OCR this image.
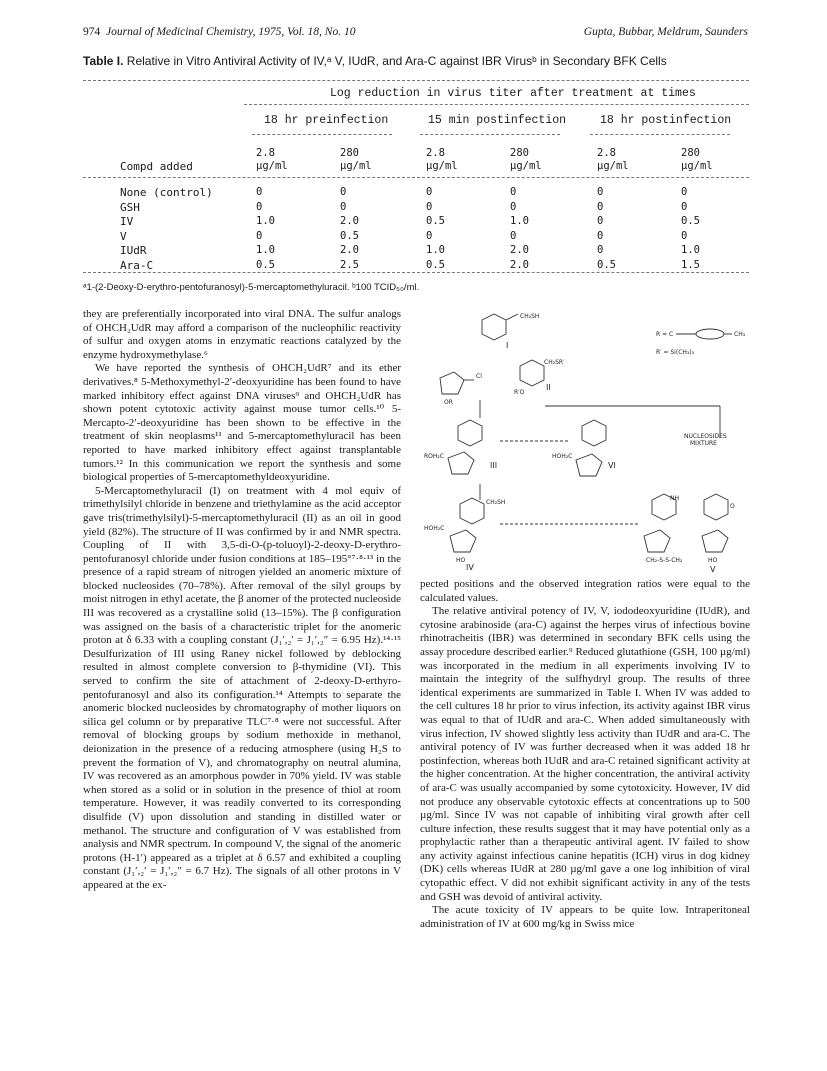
974 Journal of Medicinal Chemistry, 1975, Vol. 18, No. 10	Gupta, Bubbar, Meldrum, Saunders
Table I. Relative in Vitro Antiviral Activity of IV,ᵃ V, IUdR, and Ara-C against IBR Virusᵇ in Secondary BFK Cells
Log reduction in virus titer after treatment at times
18 hr preinfection	15 min postinfection	18 hr postinfection
2.8	280	2.8	280	2.8	280
Compd added	µg/ml	µg/ml	µg/ml	µg/ml	µg/ml	µg/ml
None (control)	0	0	0	0	0	0
GSH	0	0	0	0	0	0
IV	1.0	2.0	0.5	1.0	0	0.5
V	0	0.5	0	0	0	0
IUdR	1.0	2.0	1.0	2.0	0	1.0
Ara-C	0.5	2.5	0.5	2.0	0.5	1.5
ᵃ1-(2-Deoxy-D-erythro-pentofuranosyl)-5-mercaptomethyluracil. ᵇ100 TCID₅₀/ml.

they are preferentially incorporated into viral DNA. The sulfur analogs of OHCH₂UdR may afford a comparison of the nucleophilic reactivity of sulfur and oxygen atoms in enzymatic reactions catalyzed by the enzyme hydroxymethylase.⁶

We have reported the synthesis of OHCH₂UdR⁷ and its ether derivatives.⁸ 5-Methoxymethyl-2′-deoxyuridine has been found to have marked inhibitory effect against DNA viruses⁹ and OHCH₂UdR has shown potent cytotoxic activity against mouse tumor cells.¹⁰ 5-Mercapto-2′-deoxyuridine has been shown to be effective in the treatment of skin neoplasms¹¹ and 5-mercaptomethyluracil has been reported to have marked inhibitory effect against transplantable tumors.¹² In this communication we report the synthesis and some biological properties of 5-mercaptomethyldeoxyuridine.

5-Mercaptomethyluracil (I) on treatment with 4 mol equiv of trimethylsilyl chloride in benzene and triethylamine as the acid acceptor gave tris(trimethylsilyl)-5-mercaptomethyluracil (II) as an oil in good yield (82%). The structure of II was confirmed by ir and NMR spectra. Coupling of II with 3,5-di-O-(p-toluoyl)-2-deoxy-D-erythro-pentofuranosyl chloride under fusion conditions at 185–195°⁷·⁸·¹³ in the presence of a rapid stream of nitrogen yielded an anomeric mixture of blocked nucleosides (70–78%). After removal of the silyl groups by moist nitrogen in ethyl acetate, the β anomer of the protected nucleoside III was recovered as a crystalline solid (13–15%). The β configuration was assigned on the basis of a characteristic triplet for the anomeric proton at δ 6.33 with a coupling constant (J₁′,₂′ = J₁′,₂″ = 6.95 Hz).¹⁴·¹⁵ Desulfurization of III using Raney nickel followed by deblocking resulted in almost complete conversion to β-thymidine (VI). This served to confirm the site of attachment of 2-deoxy-D-erthyro-pentofuranosyl and also its configuration.¹⁴ Attempts to separate the anomeric blocked nucleosides by chromatography of mother liquors on silica gel column or by preparative TLC⁷·⁸ were not successful. After removal of blocking groups by sodium methoxide in methanol, deionization in the presence of a reducing atmosphere (using H₂S to prevent the formation of V), and chromatography on neutral alumina, IV was recovered as an amorphous powder in 70% yield. IV was stable when stored as a solid or in solution in the presence of thiol at room temperature. However, it was readily converted to its corresponding disulfide (V) upon dissolution and standing in distilled water or methanol. The structure and configuration of V was established from analysis and NMR spectrum. In compound V, the signal of the anomeric protons (H-1′) appeared as a triplet at δ 6.57 and exhibited a coupling constant (J₁′,₂′ = J₁′,₂″ = 6.7 Hz). The signals of all other protons in V appeared at the ex-

CH₂SH
I
R = C	CH₃
R′ = Si(CH₃)₃
CH₂SR′
II
R′O
Cl
OR
NUCLEOSIDES
MIXTURE
ROH₂C
III
HOH₂C
VI
CH₂SH
HOH₂C
HO
IV
NH
O
CH₂-S-S-CH₂	HO
V

pected positions and the observed integration ratios were equal to the calculated values.

The relative antiviral potency of IV, V, iododeoxyuridine (IUdR), and cytosine arabinoside (ara-C) against the herpes virus of infectious bovine rhinotracheitis (IBR) was determined in secondary BFK cells using the assay procedure described earlier.⁹ Reduced glutathione (GSH, 100 µg/ml) was incorporated in the medium in all experiments involving IV to maintain the integrity of the sulfhydryl group. The results of three identical experiments are summarized in Table I. When IV was added to the cell cultures 18 hr prior to virus infection, its activity against IBR virus was equal to that of IUdR and ara-C. When added simultaneously with virus infection, IV showed slightly less activity than IUdR and ara-C. The antiviral potency of IV was further decreased when it was added 18 hr postinfection, whereas both IUdR and ara-C retained significant activity at the higher concentration. At the higher concentration, the antiviral activity of ara-C was usually accompanied by some cytotoxicity. However, IV did not produce any observable cytotoxic effects at concentrations up to 500 µg/ml. Since IV was not capable of inhibiting viral growth after cell culture infection, these results suggest that it may have potential only as a prophylactic rather than a therapeutic antiviral agent. IV failed to show any activity against infectious canine hepatitis (ICH) virus in dog kidney (DK) cells whereas IUdR at 280 µg/ml gave a one log inhibition of viral cytopathic effect. V did not exhibit significant activity in any of the tests and GSH was devoid of antiviral activity.

The acute toxicity of IV appears to be quite low. Intraperitoneal administration of IV at 600 mg/kg in Swiss mice
